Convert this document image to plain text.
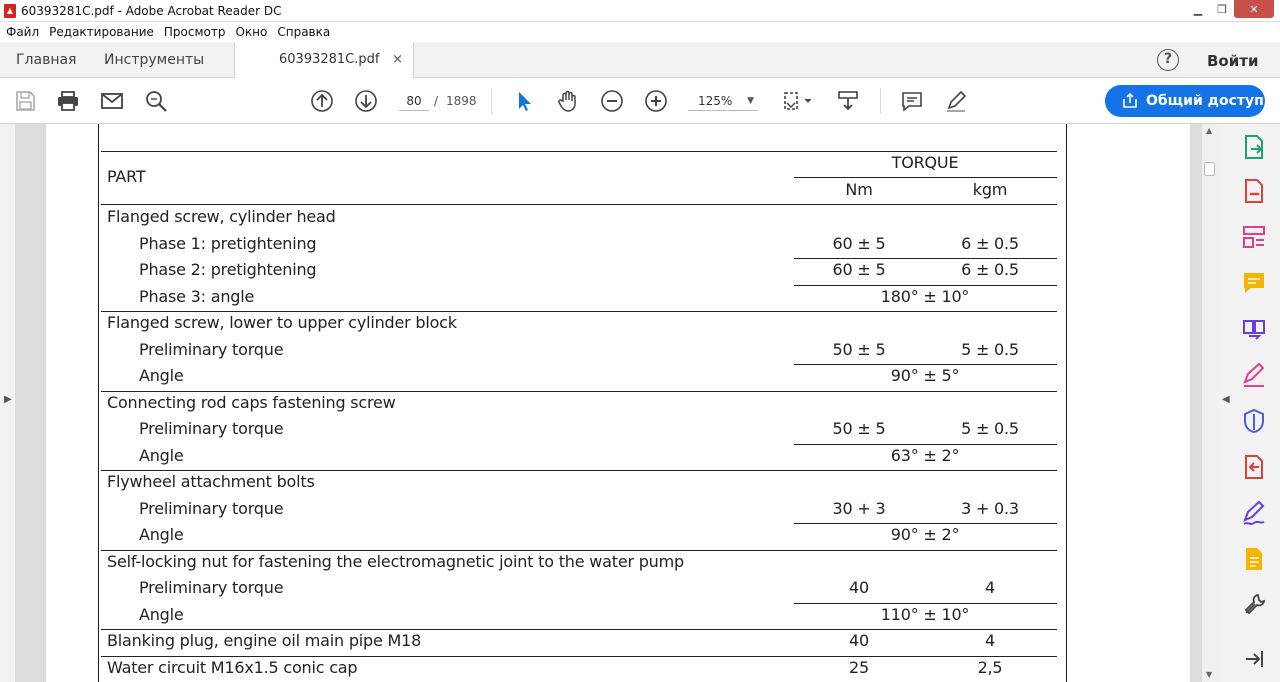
▲ 60393281C.pdf - Adobe Acrobat Reader DC	▁	❐	✕
Файл Редактирование Просмотр Окно Справка
Главная Инструменты	60393281C.pdf ×	?	Войти
80	/ 1898	125% ▼	Общий доступ
▶
PART
TORQUE
Nm	kgm
Flanged screw, cylinder head
Phase 1: pretightening	60 ± 5	6 ± 0.5
Phase 2: pretightening	60 ± 5	6 ± 0.5
Phase 3: angle	180° ± 10°
Flanged screw, lower to upper cylinder block
Preliminary torque	50 ± 5	5 ± 0.5
Angle	90° ± 5°
Connecting rod caps fastening screw
Preliminary torque	50 ± 5	5 ± 0.5
Angle	63° ± 2°
Flywheel attachment bolts
Preliminary torque	30 + 3	3 + 0.3
Angle	90° ± 2°
Self-locking nut for fastening the electromagnetic joint to the water pump
Preliminary torque	40	4
Angle	110° ± 10°
Blanking plug, engine oil main pipe M18	40	4
Water circuit M16x1.5 conic cap	25	2,5
▲
▼
◀
